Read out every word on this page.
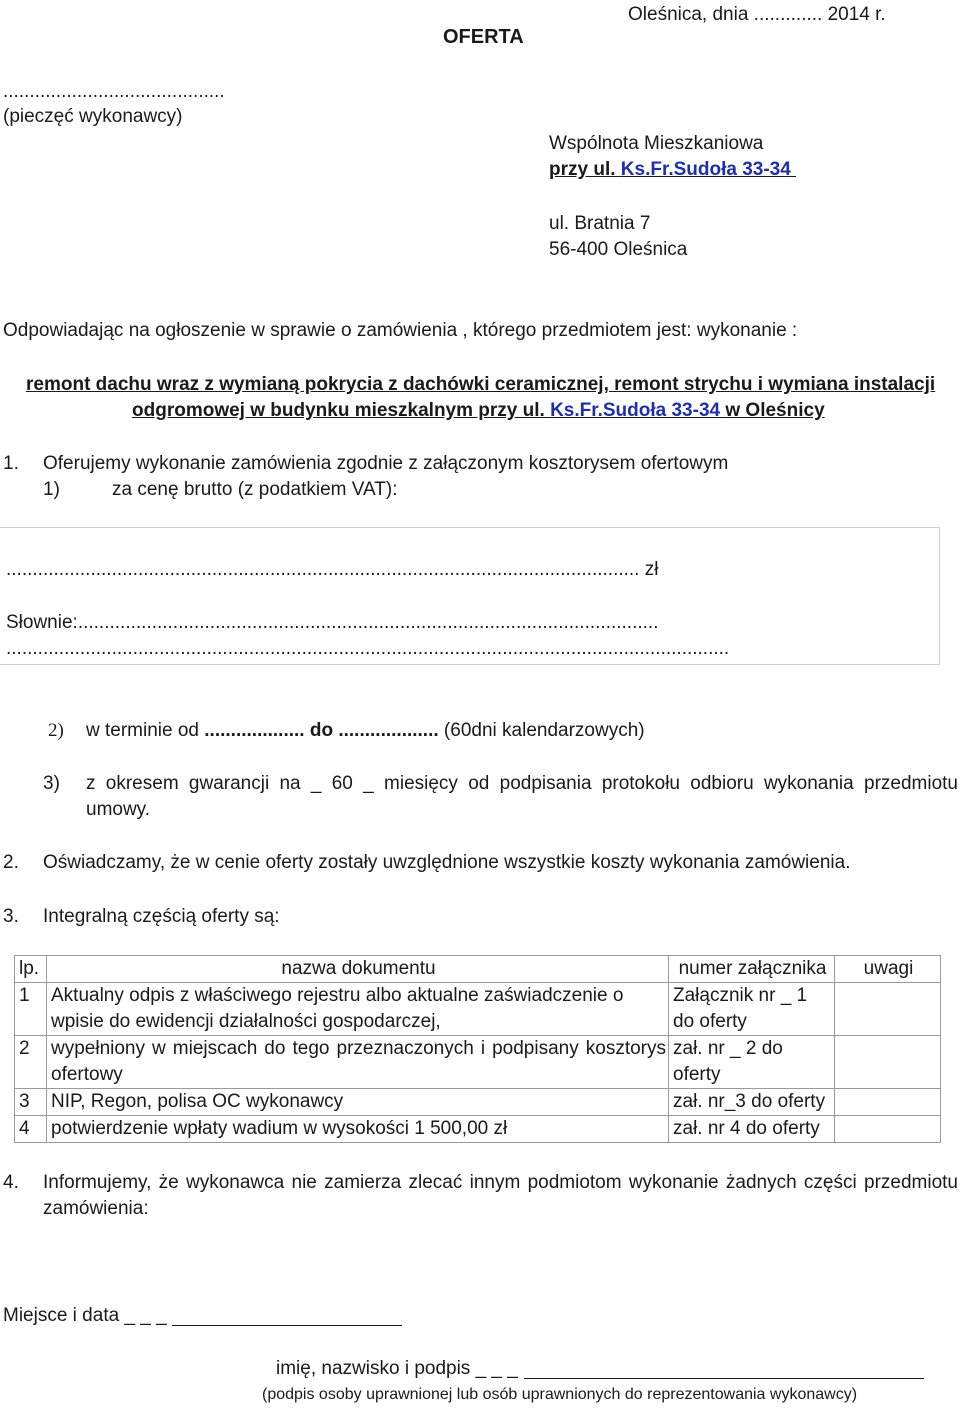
OFERTA
Oleśnica, dnia ............. 2014 r.
..........................................
(pieczęć wykonawcy)
Wspólnota Mieszkaniowa
przy ul. Ks.Fr.Sudoła 33-34
ul. Bratnia 7
56-400 Oleśnica
Odpowiadając na ogłoszenie w sprawie o zamówienia , którego przedmiotem jest: wykonanie :
remont dachu wraz z wymianą pokrycia z dachówki ceramicznej, remont strychu i wymiana instalacji
odgromowej w budynku mieszkalnym przy ul. Ks.Fr.Sudoła 33-34 w Oleśnicy
1. Oferujemy wykonanie zamówienia zgodnie z załączonym kosztorysem ofertowym
1)	za cenę brutto (z podatkiem VAT):
........................................................................................................................ zł
Słownie:..............................................................................................................
.........................................................................................................................................
2) w terminie od ................... do ................... (60dni kalendarzowych)
3) z okresem gwarancji na _ 60 _ miesięcy od podpisania protokołu odbioru wykonania przedmiotu
umowy.
2. Oświadczamy, że w cenie oferty zostały uwzględnione wszystkie koszty wykonania zamówienia.
3. Integralną częścią oferty są:
lp.	nazwa dokumentu	numer załącznika	uwagi
1	Aktualny odpis z właściwego rejestru albo aktualne zaświadczenie o wpisie do ewidencji działalności gospodarczej,	Załącznik nr _ 1 do oferty	
2	wypełniony w miejscach do tego przeznaczonych i podpisany kosztorys ofertowy	zał. nr _ 2 do oferty	
3	NIP, Regon, polisa OC wykonawcy	zał. nr_3 do oferty	
4	potwierdzenie wpłaty wadium w wysokości 1 500,00 zł	zał. nr 4 do oferty	
4. Informujemy, że wykonawca nie zamierza zlecać innym podmiotom wykonanie żadnych części przedmiotu
zamówienia:
Miejsce i data _ _ _
imię, nazwisko i podpis _ _ _
(podpis osoby uprawnionej lub osób uprawnionych do reprezentowania wykonawcy)
